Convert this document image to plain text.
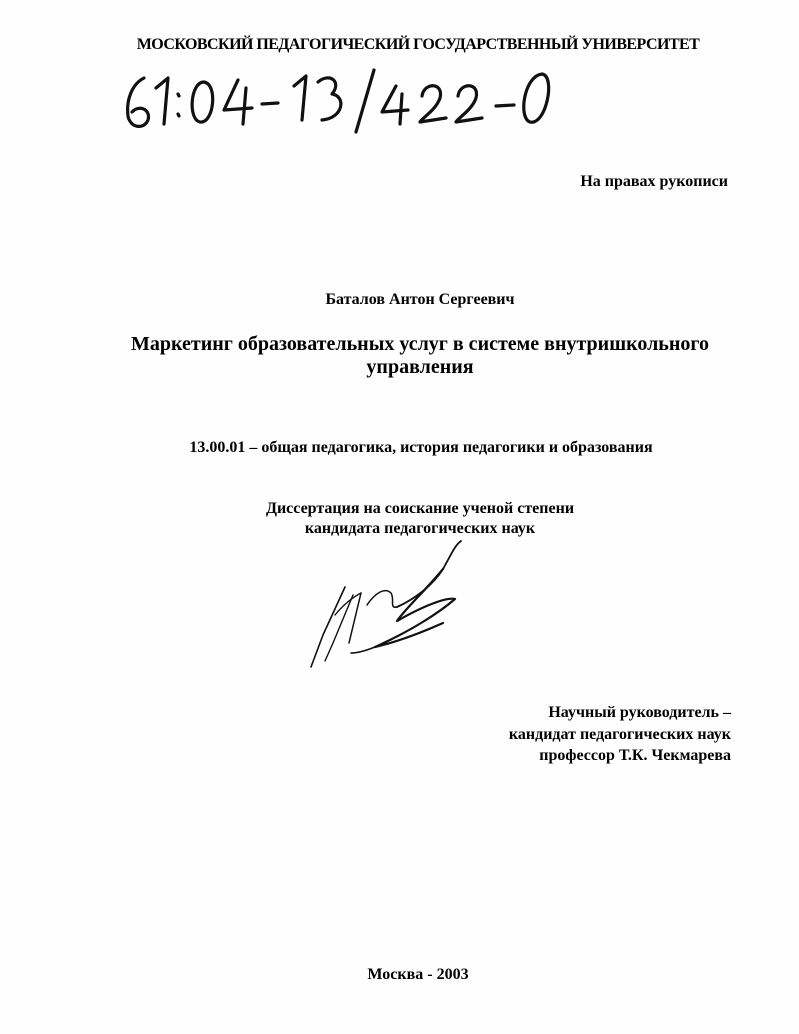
МОСКОВСКИЙ ПЕДАГОГИЧЕСКИЙ ГОСУДАРСТВЕННЫЙ УНИВЕРСИТЕТ
На правах рукописи
Баталов Антон Сергеевич
Маркетинг образовательных услуг в системе внутришкольного
управления
13.00.01 – общая педагогика, история педагогики и образования
Диссертация на соискание ученой степени
кандидата педагогических наук
Научный руководитель –
кандидат педагогических наук
профессор Т.К. Чекмарева
Москва - 2003
